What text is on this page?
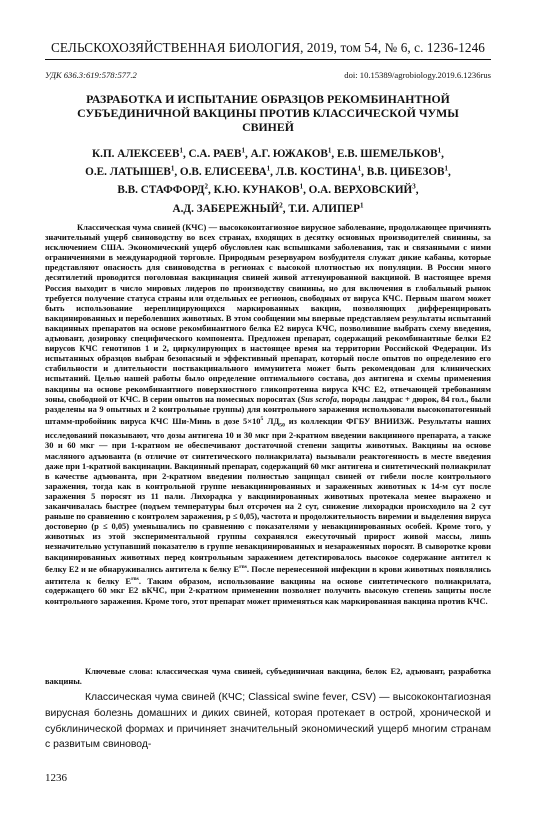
СЕЛЬСКОХОЗЯЙСТВЕННАЯ БИОЛОГИЯ, 2019, том 54, № 6, с. 1236-1246
УДК 636.3:619:578:577.2	doi: 10.15389/agrobiology.2019.6.1236rus
РАЗРАБОТКА И ИСПЫТАНИЕ ОБРАЗЦОВ РЕКОМБИНАНТНОЙ СУБЪЕДИНИЧНОЙ ВАКЦИНЫ ПРОТИВ КЛАССИЧЕСКОЙ ЧУМЫ СВИНЕЙ
К.П. АЛЕКСЕЕВ$^1$, С.А. РАЕВ$^1$, А.Г. ЮЖАКОВ$^1$, Е.В. ШЕМЕЛЬКОВ$^1$,
О.Е. ЛАТЫШЕВ$^1$, О.В. ЕЛИСЕЕВА$^1$, Л.В. КОСТИНА$^1$, В.В. ЦИБЕЗОВ$^1$,
В.В. СТАФФОРД$^2$, К.Ю. КУНАКОВ$^1$, О.А. ВЕРХОВСКИЙ$^3$,
А.Д. ЗАБЕРЕЖНЫЙ$^2$, Т.И. АЛИПЕР$^1$
Классическая чума свиней (КЧС) — высококонтагиозное вирусное заболевание, продолжающее причинять значительный ущерб свиноводству во всех странах, входящих в десятку основных производителей свинины, за исключением США. Экономический ущерб обусловлен как вспышками заболевания, так и связанными с ними ограничениями в международной торговле. Природным резервуаром возбудителя служат дикие кабаны, которые представляют опасность для свиноводства в регионах с высокой плотностью их популяции. В России много десятилетий проводится поголовная вакцинация свиней живой аттенуированной вакциной. В настоящее время Россия выходит в число мировых лидеров по производству свинины, но для включения в глобальный рынок требуется получение статуса страны или отдельных ее регионов, свободных от вируса КЧС. Первым шагом может быть использование нереплицирующихся маркированных вакцин, позволяющих дифференцировать вакцинированных и переболевших животных. В этом сообщении мы впервые представляем результаты испытаний вакцинных препаратов на основе рекомбинантного белка Е2 вируса КЧС, позволившие выбрать схему введения, адъювант, дозировку специфического компонента. Предложен препарат, содержащий рекомбинантные белки Е2 вирусов КЧС генотипов 1 и 2, циркулирующих в настоящее время на территории Российской Федерации. Из испытанных образцов выбран безопасный и эффективный препарат, который после опытов по определению его стабильности и длительности поствакцинального иммунитета может быть рекомендован для клинических испытаний. Целью нашей работы было определение оптимального состава, доз антигена и схемы применения вакцины на основе рекомбинантного поверхностного гликопротеина вируса КЧС Е2, отвечающей требованиям зоны, свободной от КЧС. В серии опытов на помесных поросятах (Sus scrofa, породы ландрас + дюрок, 84 гол., были разделены на 9 опытных и 2 контрольные группы) для контрольного заражения использовали высокопатогенный штамм-пробойник вируса КЧС Ши-Минь в дозе $5\times 10^5$ $ЛД_{50}$ из коллекции ФГБУ ВНИИЗЖ. Результаты наших исследований показывают, что дозы антигена 10 и 30 мкг при 2-кратном введении вакцинного препарата, а также 30 и 60 мкг — при 1-кратном не обеспечивают достаточной степени защиты животных. Вакцины на основе масляного адъюванта (в отличие от синтетического полиакрилата) вызывали реактогенность в месте введения даже при 1-кратной вакцинации. Вакцинный препарат, содержащий 60 мкг антигена и синтетический полиакрилат в качестве адъюванта, при 2-кратном введении полностью защищал свиней от гибели после контрольного заражения, тогда как в контрольной группе невакцинированных и зараженных животных к 14-м сут после заражения 5 поросят из 11 пали. Лихорадка у вакцинированных животных протекала менее выражено и заканчивалась быстрее (подъем температуры был отсрочен на 2 сут, снижение лихорадки происходило на 2 сут раньше по сравнению с контролем заражения, p ≤ 0,05), частота и продолжительность виремии и выделения вируса достоверно (p ≤ 0,05) уменьшались по сравнению с показателями у невакцинированных особей. Кроме того, у животных из этой экспериментальной группы сохранялся ежесуточный прирост живой массы, лишь незначительно уступавший показателю в группе невакцинированных и незараженных поросят. В сыворотке крови вакцинированных животных перед контрольным заражением детектировалось высокое содержание антител к белку Е2 и не обнаруживались антитела к белку $E^{rns}$. После перенесенной инфекции в крови животных появлялись антитела к белку $E^{rns}$. Таким образом, использование вакцины на основе синтетического полиакрилата, содержащего 60 мкг Е2 вКЧС, при 2-кратном применении позволяет получить высокую степень защиты после контрольного заражения. Кроме того, этот препарат может применяться как маркированная вакцина против КЧС.
Ключевые слова: классическая чума свиней, субъединичная вакцина, белок Е2, адъювант, разработка вакцины.
Классическая чума свиней (КЧС; Classical swine fever, CSV) — высококонтагиозная вирусная болезнь домашних и диких свиней, которая протекает в острой, хронической и субклинической формах и причиняет значительный экономический ущерб многим странам с развитым свиновод-
1236
